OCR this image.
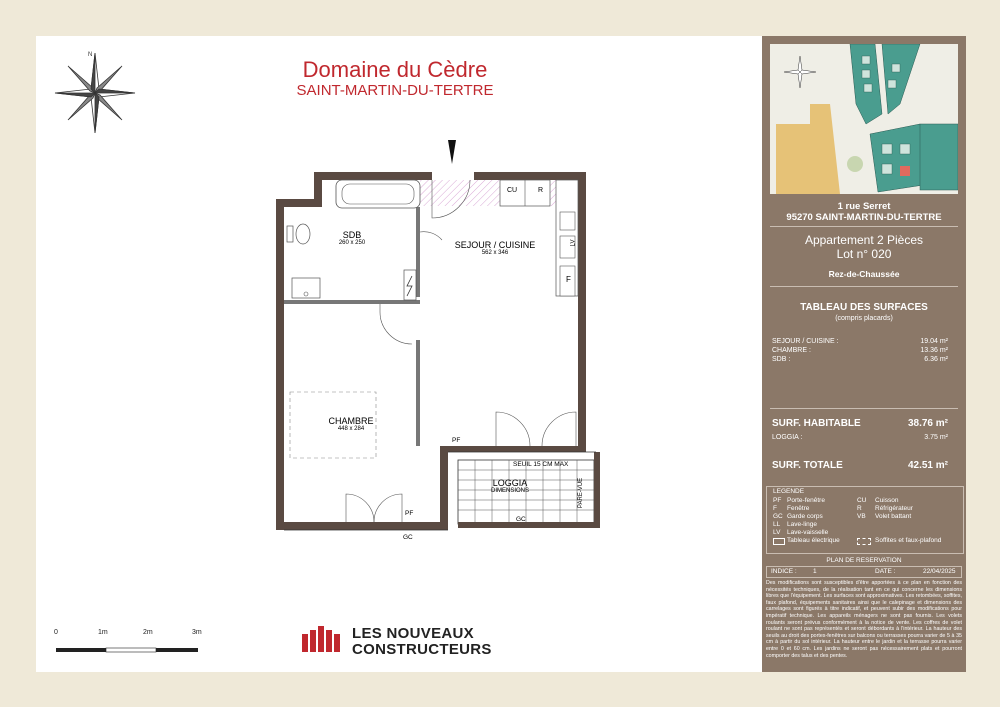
Domaine du Cèdre
SAINT-MARTIN-DU-TERTRE
N
SDB
260 x 250	SEJOUR / CUISINE
562 x 346
CHAMBRE
448 x 284
LOGGIA
DIMENSIONS
CU	R
F
LV
PF
PF
SEUIL 15 CM MAX
GC
GC
PARE-VUE
0	1m	2m	3m	LES NOUVEAUX
CONSTRUCTEURS
1 rue Serret
95270 SAINT-MARTIN-DU-TERTRE
Appartement 2 Pièces
Lot n° 020
Rez-de-Chaussée
TABLEAU DES SURFACES
(compris placards)
SEJOUR / CUISINE :	19.04 m²
CHAMBRE :	13.36 m²
SDB :	6.36 m²
SURF. HABITABLE	38.76 m²
LOGGIA :	3.75 m²
SURF. TOTALE	42.51 m²
LEGENDE
PF Porte-fenêtre	CU	Cuisson
F	Fenêtre	R	Réfrigérateur
GC Garde corps	VB	Volet battant
LL	Lave-linge
LV	Lave-vaisselle
Tableau électrique	Soffites et faux-plafond
PLAN DE RESERVATION
INDICE :	1	DATE :	22/04/2025
Des modifications sont susceptibles d'être apportées à ce plan en fonction des nécessités techniques, de la réalisation tant en ce qui concerne les dimensions libres que l'équipement. Les surfaces sont approximatives. Les retombées, soffites, faux plafond, équipements sanitaires ainsi que le calepinage et dimensions des carrelages sont figurés à titre indicatif, et peuvent subir des modifications pour impératif technique. Les appareils ménagers ne sont pas fournis. Les volets roulants seront prévus conformément à la notice de vente. Les coffres de volet roulant ne sont pas représentés et seront débordants à l'intérieur. La hauteur des seuils au droit des portes-fenêtres sur balcons ou terrasses pourra varier de 5 à 35 cm à partir du sol intérieur. La hauteur entre le jardin et la terrasse pourra varier entre 0 et 60 cm. Les jardins ne seront pas nécessairement plats et pourront comporter des talus et des pentes.
